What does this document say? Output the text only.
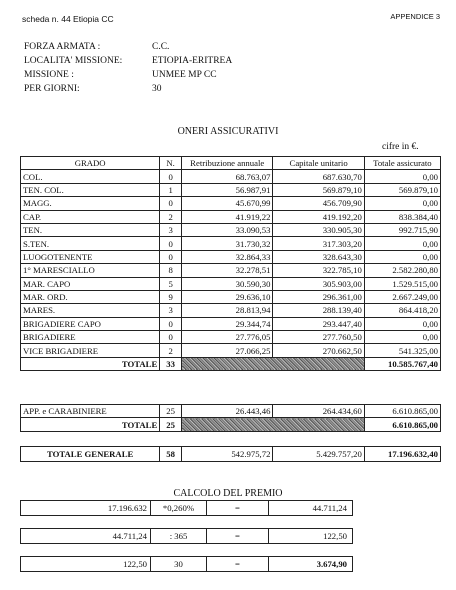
scheda n. 44 Etiopia CC	APPENDICE 3
FORZA ARMATA :	C.C.
LOCALITA' MISSIONE:	ETIOPIA-ERITREA
MISSIONE :	UNMEE MP CC
PER GIORNI:	30
ONERI ASSICURATIVI
cifre in €.
GRADO	N.	Retribuzione annuale	Capitale unitario	Totale assicurato
COL.	0	68.763,07	687.630,70	0,00
TEN. COL.	1	56.987,91	569.879,10	569.879,10
MAGG.	0	45.670,99	456.709,90	0,00
CAP.	2	41.919,22	419.192,20	838.384,40
TEN.	3	33.090,53	330.905,30	992.715,90
S.TEN.	0	31.730,32	317.303,20	0,00
LUOGOTENENTE	0	32.864,33	328.643,30	0,00
1° MARESCIALLO	8	32.278,51	322.785,10	2.582.280,80
MAR. CAPO	5	30.590,30	305.903,00	1.529.515,00
MAR. ORD.	9	29.636,10	296.361,00	2.667.249,00
MARES.	3	28.813,94	288.139,40	864.418,20
BRIGADIERE CAPO	0	29.344,74	293.447,40	0,00
BRIGADIERE	0	27.776,05	277.760,50	0,00
VICE BRIGADIERE	2	27.066,25	270.662,50	541.325,00
TOTALE	33			10.585.767,40
APP. e CARABINIERE	25	26.443,46	264.434,60	6.610.865,00
TOTALE	25			6.610.865,00
TOTALE GENERALE	58	542.975,72	5.429.757,20	17.196.632,40
CALCOLO DEL PREMIO
17.196.632	*0,260%	=	44.711,24
44.711,24	: 365	=	122,50
122,50	30	=	3.674,90
